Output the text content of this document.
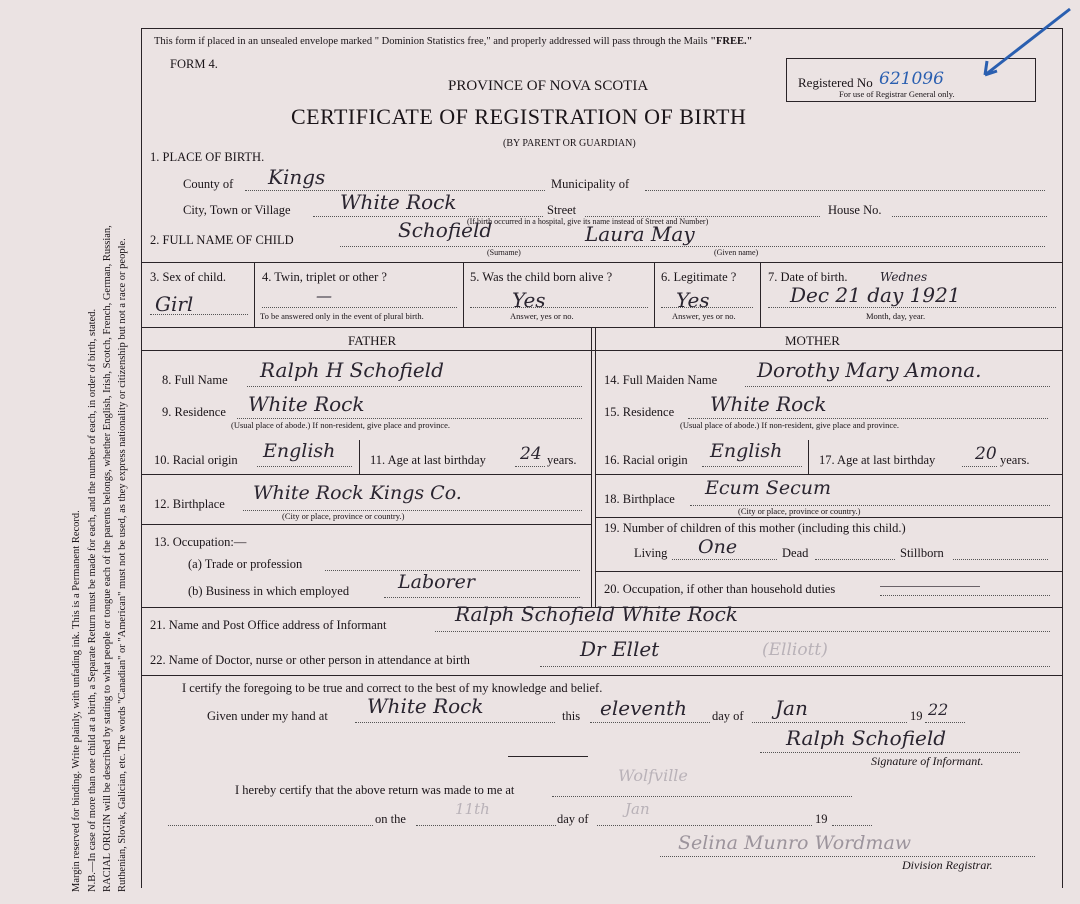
Margin reserved for binding. Write plainly, with unfading ink. This is a Permanent Record. N.B.—In case of more than one child at a birth, a Separate Return must be made for each, and the number of each, in order of birth, stated. RACIAL ORIGIN will be described by stating to what people or tongue each of the parents belongs, whether English, Irish, Scotch, French, German, Russian, Ruthenian, Slovak, Galician, etc. The words "Canadian" or "American" must not be used, as they express nationality or citizenship but not a race or people.
This form if placed in an unsealed envelope marked " Dominion Statistics free," and properly addressed will pass through the Mails "FREE."
FORM 4.
PROVINCE OF NOVA SCOTIA
CERTIFICATE OF REGISTRATION OF BIRTH
(BY PARENT OR GUARDIAN)
Registered No 621096
For use of Registrar General only.
1. PLACE OF BIRTH.
County of Kings	Municipality of
City, Town or Village White Rock	Street	House No.
(If birth occurred in a hospital, give its name instead of Street and Number)
2. FULL NAME OF CHILD	Schofield	Laura May
(Surname)	(Given name)
3. Sex of child.
Girl
4. Twin, triplet or other ?
—
To be answered only in the event of plural birth.
5. Was the child born alive ?
Yes
Answer, yes or no.
6. Legitimate ?
Yes
Answer, yes or no.
7. Date of birth.	Wednes
Dec 21 day 1921
Month, day, year.
FATHER	MOTHER
8. Full Name Ralph H Schofield
9. Residence White Rock
(Usual place of abode.) If non-resident, give place and province.
10. Racial origin English	11. Age at last birthday 24 years.
12. Birthplace White Rock Kings Co.
(City or place, province or country.)
13. Occupation:—
(a) Trade or profession
(b) Business in which employed	Laborer
14. Full Maiden Name Dorothy Mary Amona.
15. Residence White Rock
(Usual place of abode.) If non-resident, give place and province.
16. Racial origin English	17. Age at last birthday 20 years.
18. Birthplace Ecum Secum
(City or place, province or country.)
19. Number of children of this mother (including this child.)
Living One	Dead	Stillborn
20. Occupation, if other than household duties
21. Name and Post Office address of Informant	Ralph Schofield White Rock
22. Name of Doctor, nurse or other person in attendance at birth	Dr Ellet	(Elliott)
I certify the foregoing to be true and correct to the best of my knowledge and belief.
Given under my hand at White Rock	this eleventh day of Jan	19 22
Ralph Schofield
Signature of Informant.
I hereby certify that the above return was made to me at
Wolfville
on the
11th
day of
Jan
19
Selina Munro Wordmaw
Division Registrar.
